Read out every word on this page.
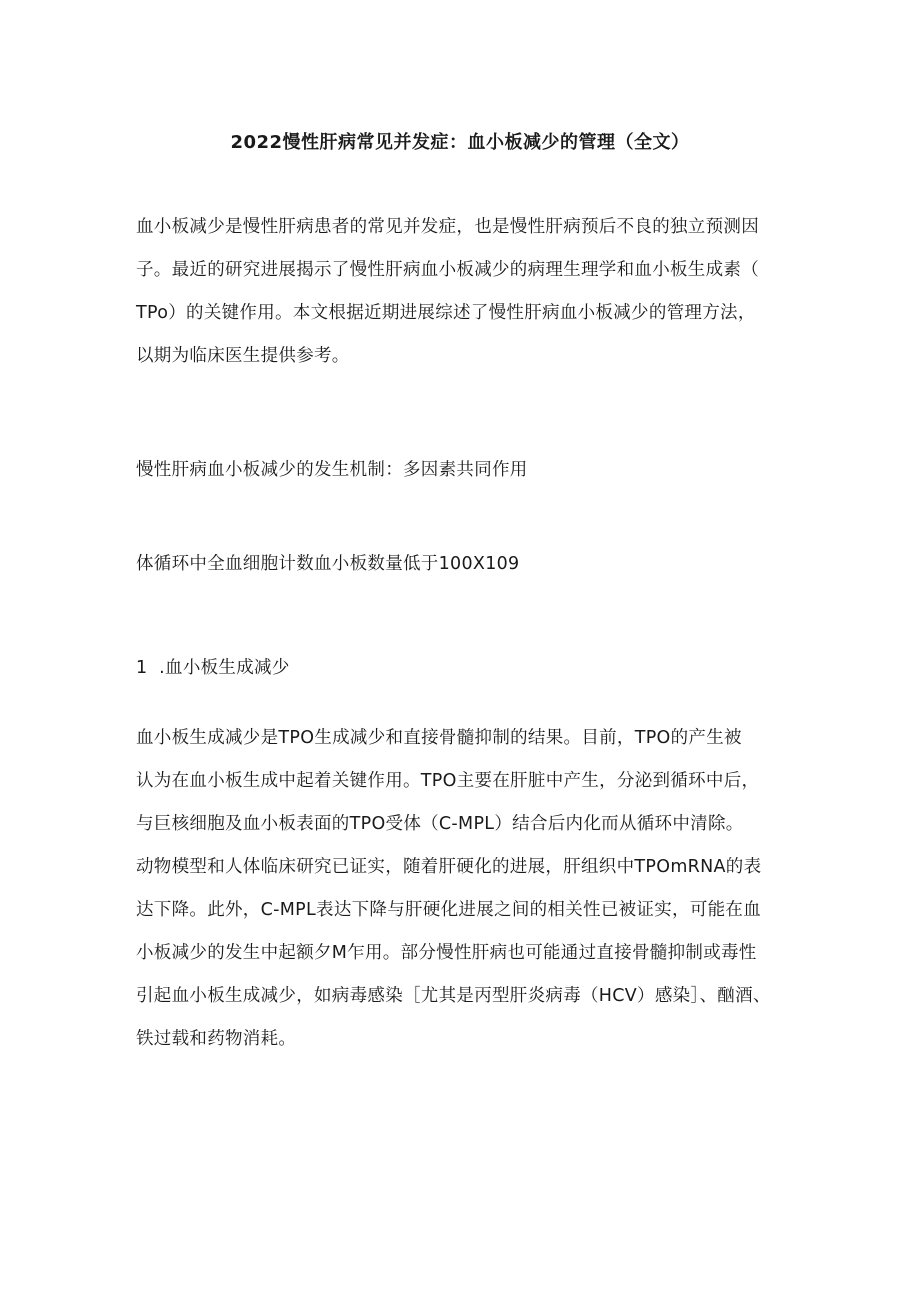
2022慢性肝病常见并发症：血小板减少的管理（全文）
血小板减少是慢性肝病患者的常见并发症，也是慢性肝病预后不良的独立预测因
子。最近的研究进展揭示了慢性肝病血小板减少的病理生理学和血小板生成素（
TPo）的关键作用。本文根据近期进展综述了慢性肝病血小板减少的管理方法，
以期为临床医生提供参考。
慢性肝病血小板减少的发生机制：多因素共同作用
体循环中全血细胞计数血小板数量低于100X109
1  .血小板生成减少
血小板生成减少是TPO生成减少和直接骨髓抑制的结果。目前，TPO的产生被
认为在血小板生成中起着关键作用。TPO主要在肝脏中产生，分泌到循环中后，
与巨核细胞及血小板表面的TPO受体（C-MPL）结合后内化而从循环中清除。
动物模型和人体临床研究已证实，随着肝硬化的进展，肝组织中TPOmRNA的表
达下降。此外，C-MPL表达下降与肝硬化进展之间的相关性已被证实，可能在血
小板减少的发生中起额夕M乍用。部分慢性肝病也可能通过直接骨髓抑制或毒性
引起血小板生成减少，如病毒感染［尤其是丙型肝炎病毒（HCV）感染］、酗酒、
铁过载和药物消耗。
